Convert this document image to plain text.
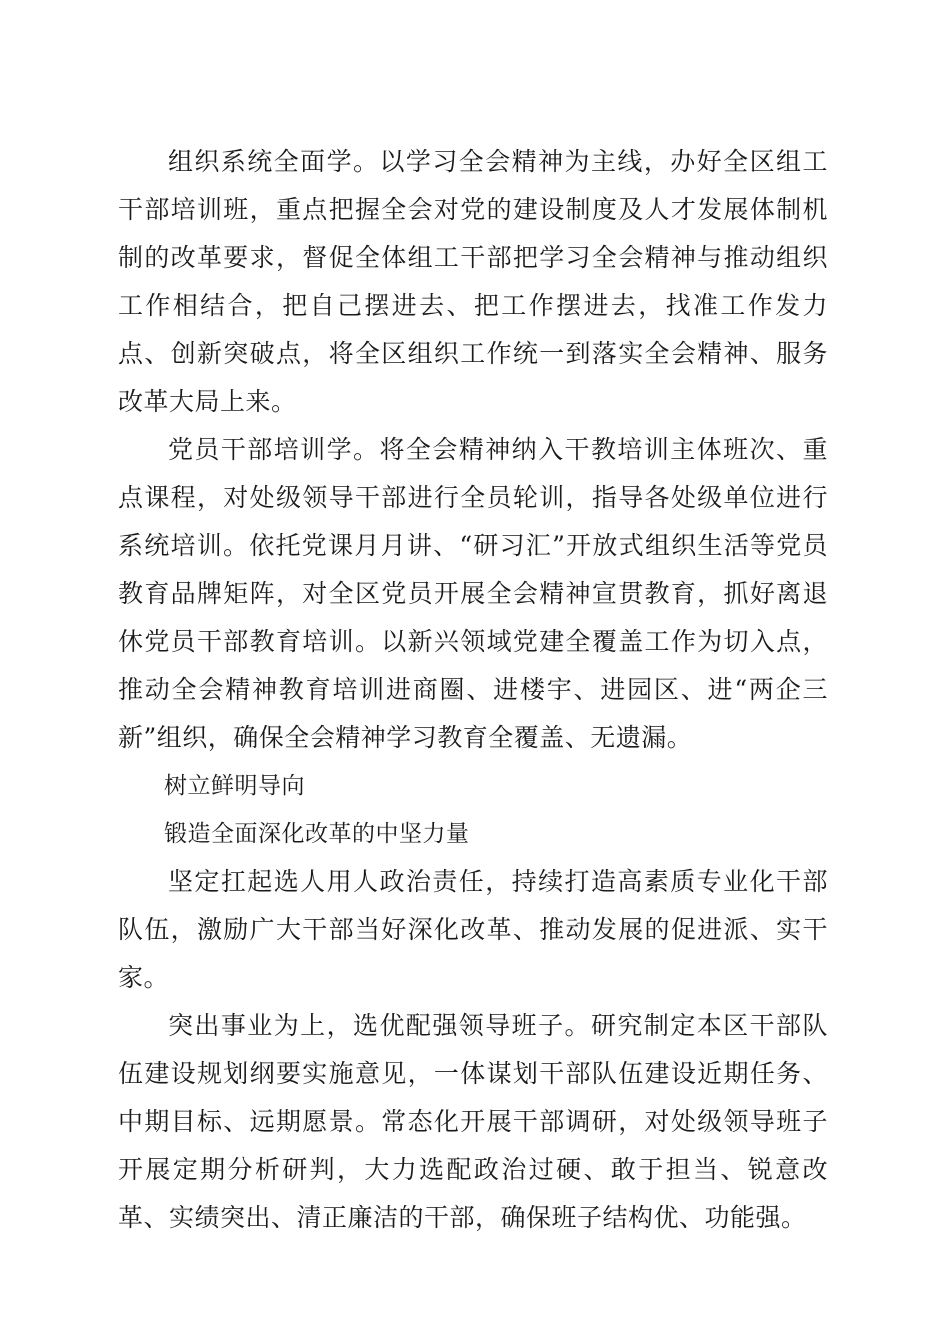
组织系统全面学。以学习全会精神为主线，办好全区组工干部培训班，重点把握全会对党的建设制度及人才发展体制机制的改革要求，督促全体组工干部把学习全会精神与推动组织工作相结合，把自己摆进去、把工作摆进去，找准工作发力点、创新突破点，将全区组织工作统一到落实全会精神、服务改革大局上来。

党员干部培训学。将全会精神纳入干教培训主体班次、重点课程，对处级领导干部进行全员轮训，指导各处级单位进行系统培训。依托党课月月讲、“研习汇”开放式组织生活等党员教育品牌矩阵，对全区党员开展全会精神宣贯教育，抓好离退休党员干部教育培训。以新兴领域党建全覆盖工作为切入点，推动全会精神教育培训进商圈、进楼宇、进园区、进“两企三新”组织，确保全会精神学习教育全覆盖、无遗漏。

树立鲜明导向

锻造全面深化改革的中坚力量

坚定扛起选人用人政治责任，持续打造高素质专业化干部队伍，激励广大干部当好深化改革、推动发展的促进派、实干家。

突出事业为上，选优配强领导班子。研究制定本区干部队伍建设规划纲要实施意见，一体谋划干部队伍建设近期任务、中期目标、远期愿景。常态化开展干部调研，对处级领导班子开展定期分析研判，大力选配政治过硬、敢于担当、锐意改革、实绩突出、清正廉洁的干部，确保班子结构优、功能强。
